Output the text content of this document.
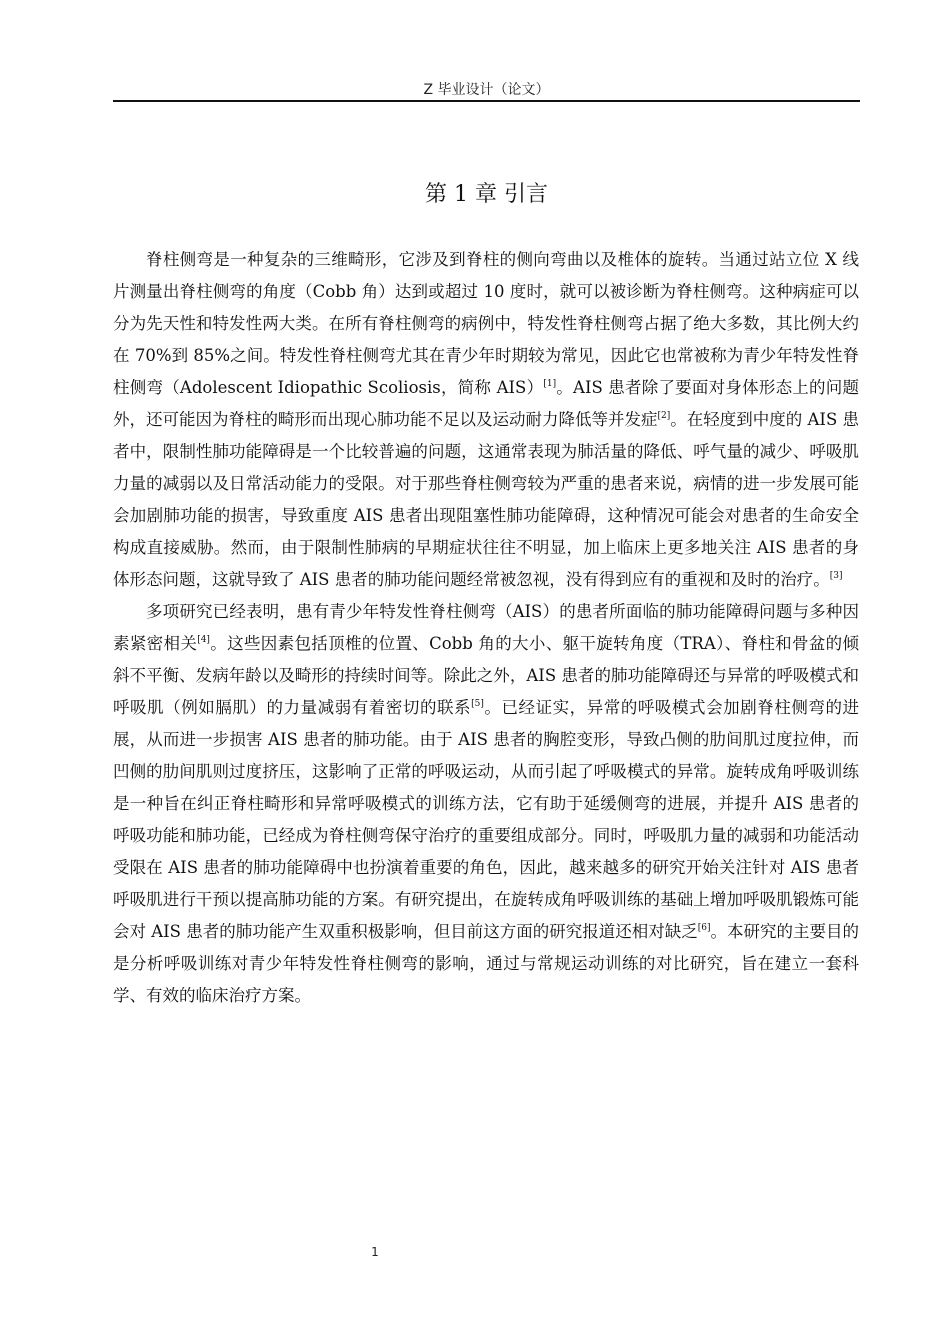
Z 毕业设计（论文）
第 1 章 引言

脊柱侧弯是一种复杂的三维畸形，它涉及到脊柱的侧向弯曲以及椎体的旋转。当通过站立位 X 线片测量出脊柱侧弯的角度（Cobb 角）达到或超过 10 度时，就可以被诊断为脊柱侧弯。这种病症可以分为先天性和特发性两大类。在所有脊柱侧弯的病例中，特发性脊柱侧弯占据了绝大多数，其比例大约在 70%到 85%之间。特发性脊柱侧弯尤其在青少年时期较为常见，因此它也常被称为青少年特发性脊柱侧弯（Adolescent Idiopathic Scoliosis，简称 AIS）[1]。AIS 患者除了要面对身体形态上的问题外，还可能因为脊柱的畸形而出现心肺功能不足以及运动耐力降低等并发症[2]。在轻度到中度的 AIS 患者中，限制性肺功能障碍是一个比较普遍的问题，这通常表现为肺活量的降低、呼气量的减少、呼吸肌力量的减弱以及日常活动能力的受限。对于那些脊柱侧弯较为严重的患者来说，病情的进一步发展可能会加剧肺功能的损害，导致重度 AIS 患者出现阻塞性肺功能障碍，这种情况可能会对患者的生命安全构成直接威胁。然而，由于限制性肺病的早期症状往往不明显，加上临床上更多地关注 AIS 患者的身体形态问题，这就导致了 AIS 患者的肺功能问题经常被忽视，没有得到应有的重视和及时的治疗。[3]

多项研究已经表明，患有青少年特发性脊柱侧弯（AIS）的患者所面临的肺功能障碍问题与多种因素紧密相关[4]。这些因素包括顶椎的位置、Cobb 角的大小、躯干旋转角度（TRA）、脊柱和骨盆的倾斜不平衡、发病年龄以及畸形的持续时间等。除此之外，AIS 患者的肺功能障碍还与异常的呼吸模式和呼吸肌（例如膈肌）的力量减弱有着密切的联系[5]。已经证实，异常的呼吸模式会加剧脊柱侧弯的进展，从而进一步损害 AIS 患者的肺功能。由于 AIS 患者的胸腔变形，导致凸侧的肋间肌过度拉伸，而凹侧的肋间肌则过度挤压，这影响了正常的呼吸运动，从而引起了呼吸模式的异常。旋转成角呼吸训练是一种旨在纠正脊柱畸形和异常呼吸模式的训练方法，它有助于延缓侧弯的进展，并提升 AIS 患者的呼吸功能和肺功能，已经成为脊柱侧弯保守治疗的重要组成部分。同时，呼吸肌力量的减弱和功能活动受限在 AIS 患者的肺功能障碍中也扮演着重要的角色，因此，越来越多的研究开始关注针对 AIS 患者呼吸肌进行干预以提高肺功能的方案。有研究提出，在旋转成角呼吸训练的基础上增加呼吸肌锻炼可能会对 AIS 患者的肺功能产生双重积极影响，但目前这方面的研究报道还相对缺乏[6]。本研究的主要目的是分析呼吸训练对青少年特发性脊柱侧弯的影响，通过与常规运动训练的对比研究，旨在建立一套科学、有效的临床治疗方案。

1
